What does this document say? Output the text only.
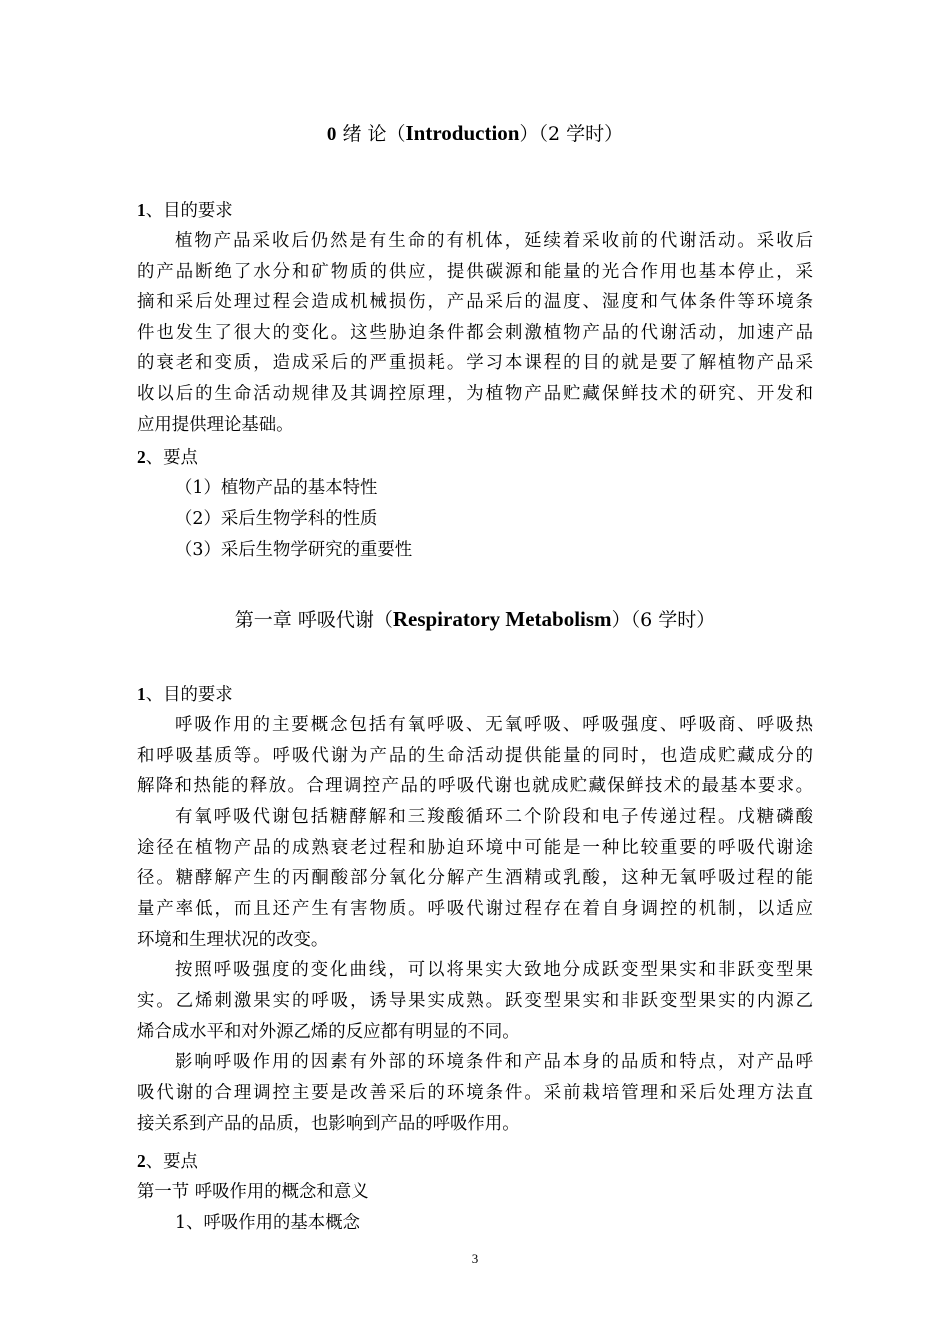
0 绪 论（Introduction）（2 学时）
1、目的要求
植物产品采收后仍然是有生命的有机体，延续着采收前的代谢活动。采收后
的产品断绝了水分和矿物质的供应，提供碳源和能量的光合作用也基本停止，采
摘和采后处理过程会造成机械损伤，产品采后的温度、湿度和气体条件等环境条
件也发生了很大的变化。这些胁迫条件都会刺激植物产品的代谢活动，加速产品
的衰老和变质，造成采后的严重损耗。学习本课程的目的就是要了解植物产品采
收以后的生命活动规律及其调控原理，为植物产品贮藏保鲜技术的研究、开发和
应用提供理论基础。
2、要点
（1）植物产品的基本特性
（2）采后生物学科的性质
（3）采后生物学研究的重要性
第一章 呼吸代谢（Respiratory Metabolism）（6 学时）
1、目的要求
呼吸作用的主要概念包括有氧呼吸、无氧呼吸、呼吸强度、呼吸商、呼吸热
和呼吸基质等。呼吸代谢为产品的生命活动提供能量的同时，也造成贮藏成分的
解降和热能的释放。合理调控产品的呼吸代谢也就成贮藏保鲜技术的最基本要求。
有氧呼吸代谢包括糖酵解和三羧酸循环二个阶段和电子传递过程。戊糖磷酸
途径在植物产品的成熟衰老过程和胁迫环境中可能是一种比较重要的呼吸代谢途
径。糖酵解产生的丙酮酸部分氧化分解产生酒精或乳酸，这种无氧呼吸过程的能
量产率低，而且还产生有害物质。呼吸代谢过程存在着自身调控的机制，以适应
环境和生理状况的改变。
按照呼吸强度的变化曲线，可以将果实大致地分成跃变型果实和非跃变型果
实。乙烯刺激果实的呼吸，诱导果实成熟。跃变型果实和非跃变型果实的内源乙
烯合成水平和对外源乙烯的反应都有明显的不同。
影响呼吸作用的因素有外部的环境条件和产品本身的品质和特点，对产品呼
吸代谢的合理调控主要是改善采后的环境条件。采前栽培管理和采后处理方法直
接关系到产品的品质，也影响到产品的呼吸作用。
2、要点
第一节 呼吸作用的概念和意义
1、呼吸作用的基本概念
3
